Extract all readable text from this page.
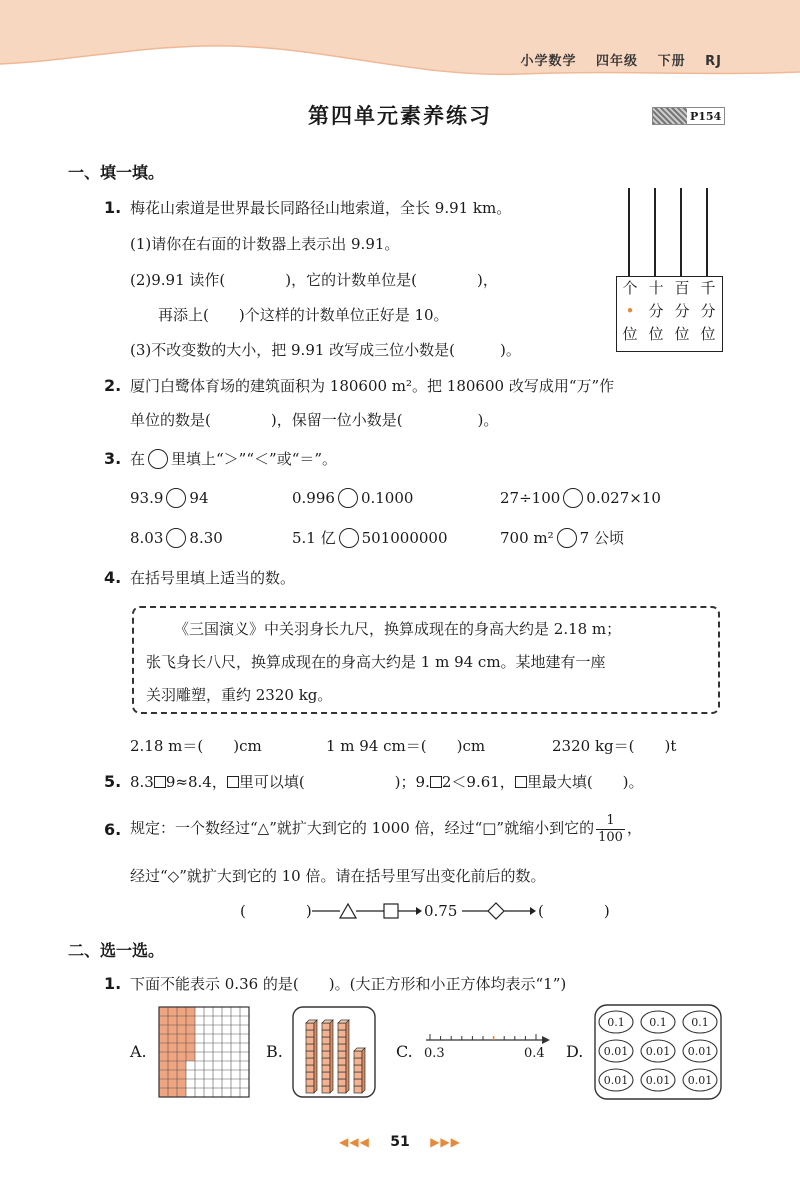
小学数学 四年级 下册 RJ
第四单元素养练习	P154
一、填一填。
1. 梅花山索道是世界最长同路径山地索道，全长 9.91 km。
(1)请你在右面的计数器上表示出 9.91。
(2)9.91 读作(　　　　)，它的计数单位是(　　　　)，
再添上(　　)个这样的计数单位正好是 10。
(3)不改变数的大小，把 9.91 改写成三位小数是(　　　)。
个 十 百 千
• 分 分 分
位 位 位 位
2. 厦门白鹭体育场的建筑面积为 180600 m²。把 180600 改写成用“万”作
单位的数是(　　　　)，保留一位小数是(　　　　　)。
3. 在 里填上“＞”“＜”或“＝”。
93.9 94	0.996 0.1000	27÷100 0.027×10
8.03 8.30	5.1 亿 501000000	700 m² 7 公顷
4. 在括号里填上适当的数。
《三国演义》中关羽身长九尺，换算成现在的身高大约是 2.18 m；
张飞身长八尺，换算成现在的身高大约是 1 m 94 cm。某地建有一座
关羽雕塑，重约 2320 kg。
2.18 m＝(　　)cm	1 m 94 cm＝(　　)cm	2320 kg＝(　　)t
5. 8.3 9≈8.4， 里可以填(　　　　　　)；9. 2＜9.61， 里最大填(　　)。
6. 规定：一个数经过“△”就扩大到它的 1000 倍，经过“□”就缩小到它的 $\frac{1}{100}$ ，
经过“◇”就扩大到它的 10 倍。请在括号里写出变化前后的数。
(　　　　)	0.75	(　　　　)
二、选一选。
1. 下面不能表示 0.36 的是(　　)。(大正方形和小正方体均表示“1”)
A.	B.	C. 0.3	0.4 D.
0.1 0.1 0.1
0.01 0.01 0.01
0.01 0.01 0.01
◀◀◀ 51 ▶▶▶
